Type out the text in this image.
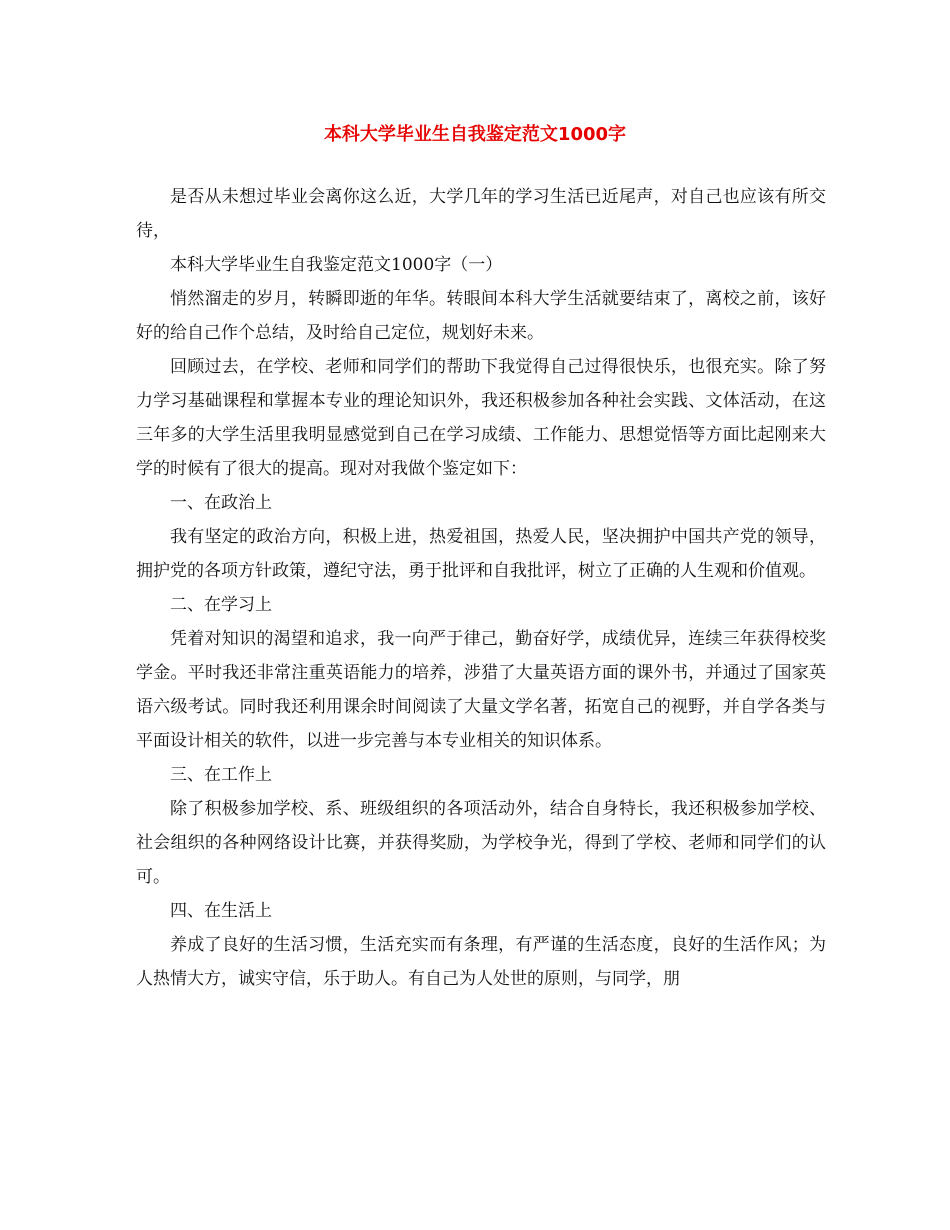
本科大学毕业生自我鉴定范文1000字

是否从未想过毕业会离你这么近，大学几年的学习生活已近尾声，对自己也应该有所交待，

本科大学毕业生自我鉴定范文1000字（一）

悄然溜走的岁月，转瞬即逝的年华。转眼间本科大学生活就要结束了，离校之前，该好好的给自己作个总结，及时给自己定位，规划好未来。

回顾过去，在学校、老师和同学们的帮助下我觉得自己过得很快乐，也很充实。除了努力学习基础课程和掌握本专业的理论知识外，我还积极参加各种社会实践、文体活动，在这三年多的大学生活里我明显感觉到自己在学习成绩、工作能力、思想觉悟等方面比起刚来大学的时候有了很大的提高。现对对我做个鉴定如下：

一、在政治上

我有坚定的政治方向，积极上进，热爱祖国，热爱人民，坚决拥护中国共产党的领导，拥护党的各项方针政策，遵纪守法，勇于批评和自我批评，树立了正确的人生观和价值观。

二、在学习上

凭着对知识的渴望和追求，我一向严于律己，勤奋好学，成绩优异，连续三年获得校奖学金。平时我还非常注重英语能力的培养，涉猎了大量英语方面的课外书，并通过了国家英语六级考试。同时我还利用课余时间阅读了大量文学名著，拓宽自己的视野，并自学各类与平面设计相关的软件，以进一步完善与本专业相关的知识体系。

三、在工作上

除了积极参加学校、系、班级组织的各项活动外，结合自身特长，我还积极参加学校、社会组织的各种网络设计比赛，并获得奖励，为学校争光，得到了学校、老师和同学们的认可。

四、在生活上

养成了良好的生活习惯，生活充实而有条理，有严谨的生活态度，良好的生活作风；为人热情大方，诚实守信，乐于助人。有自己为人处世的原则，与同学，朋
